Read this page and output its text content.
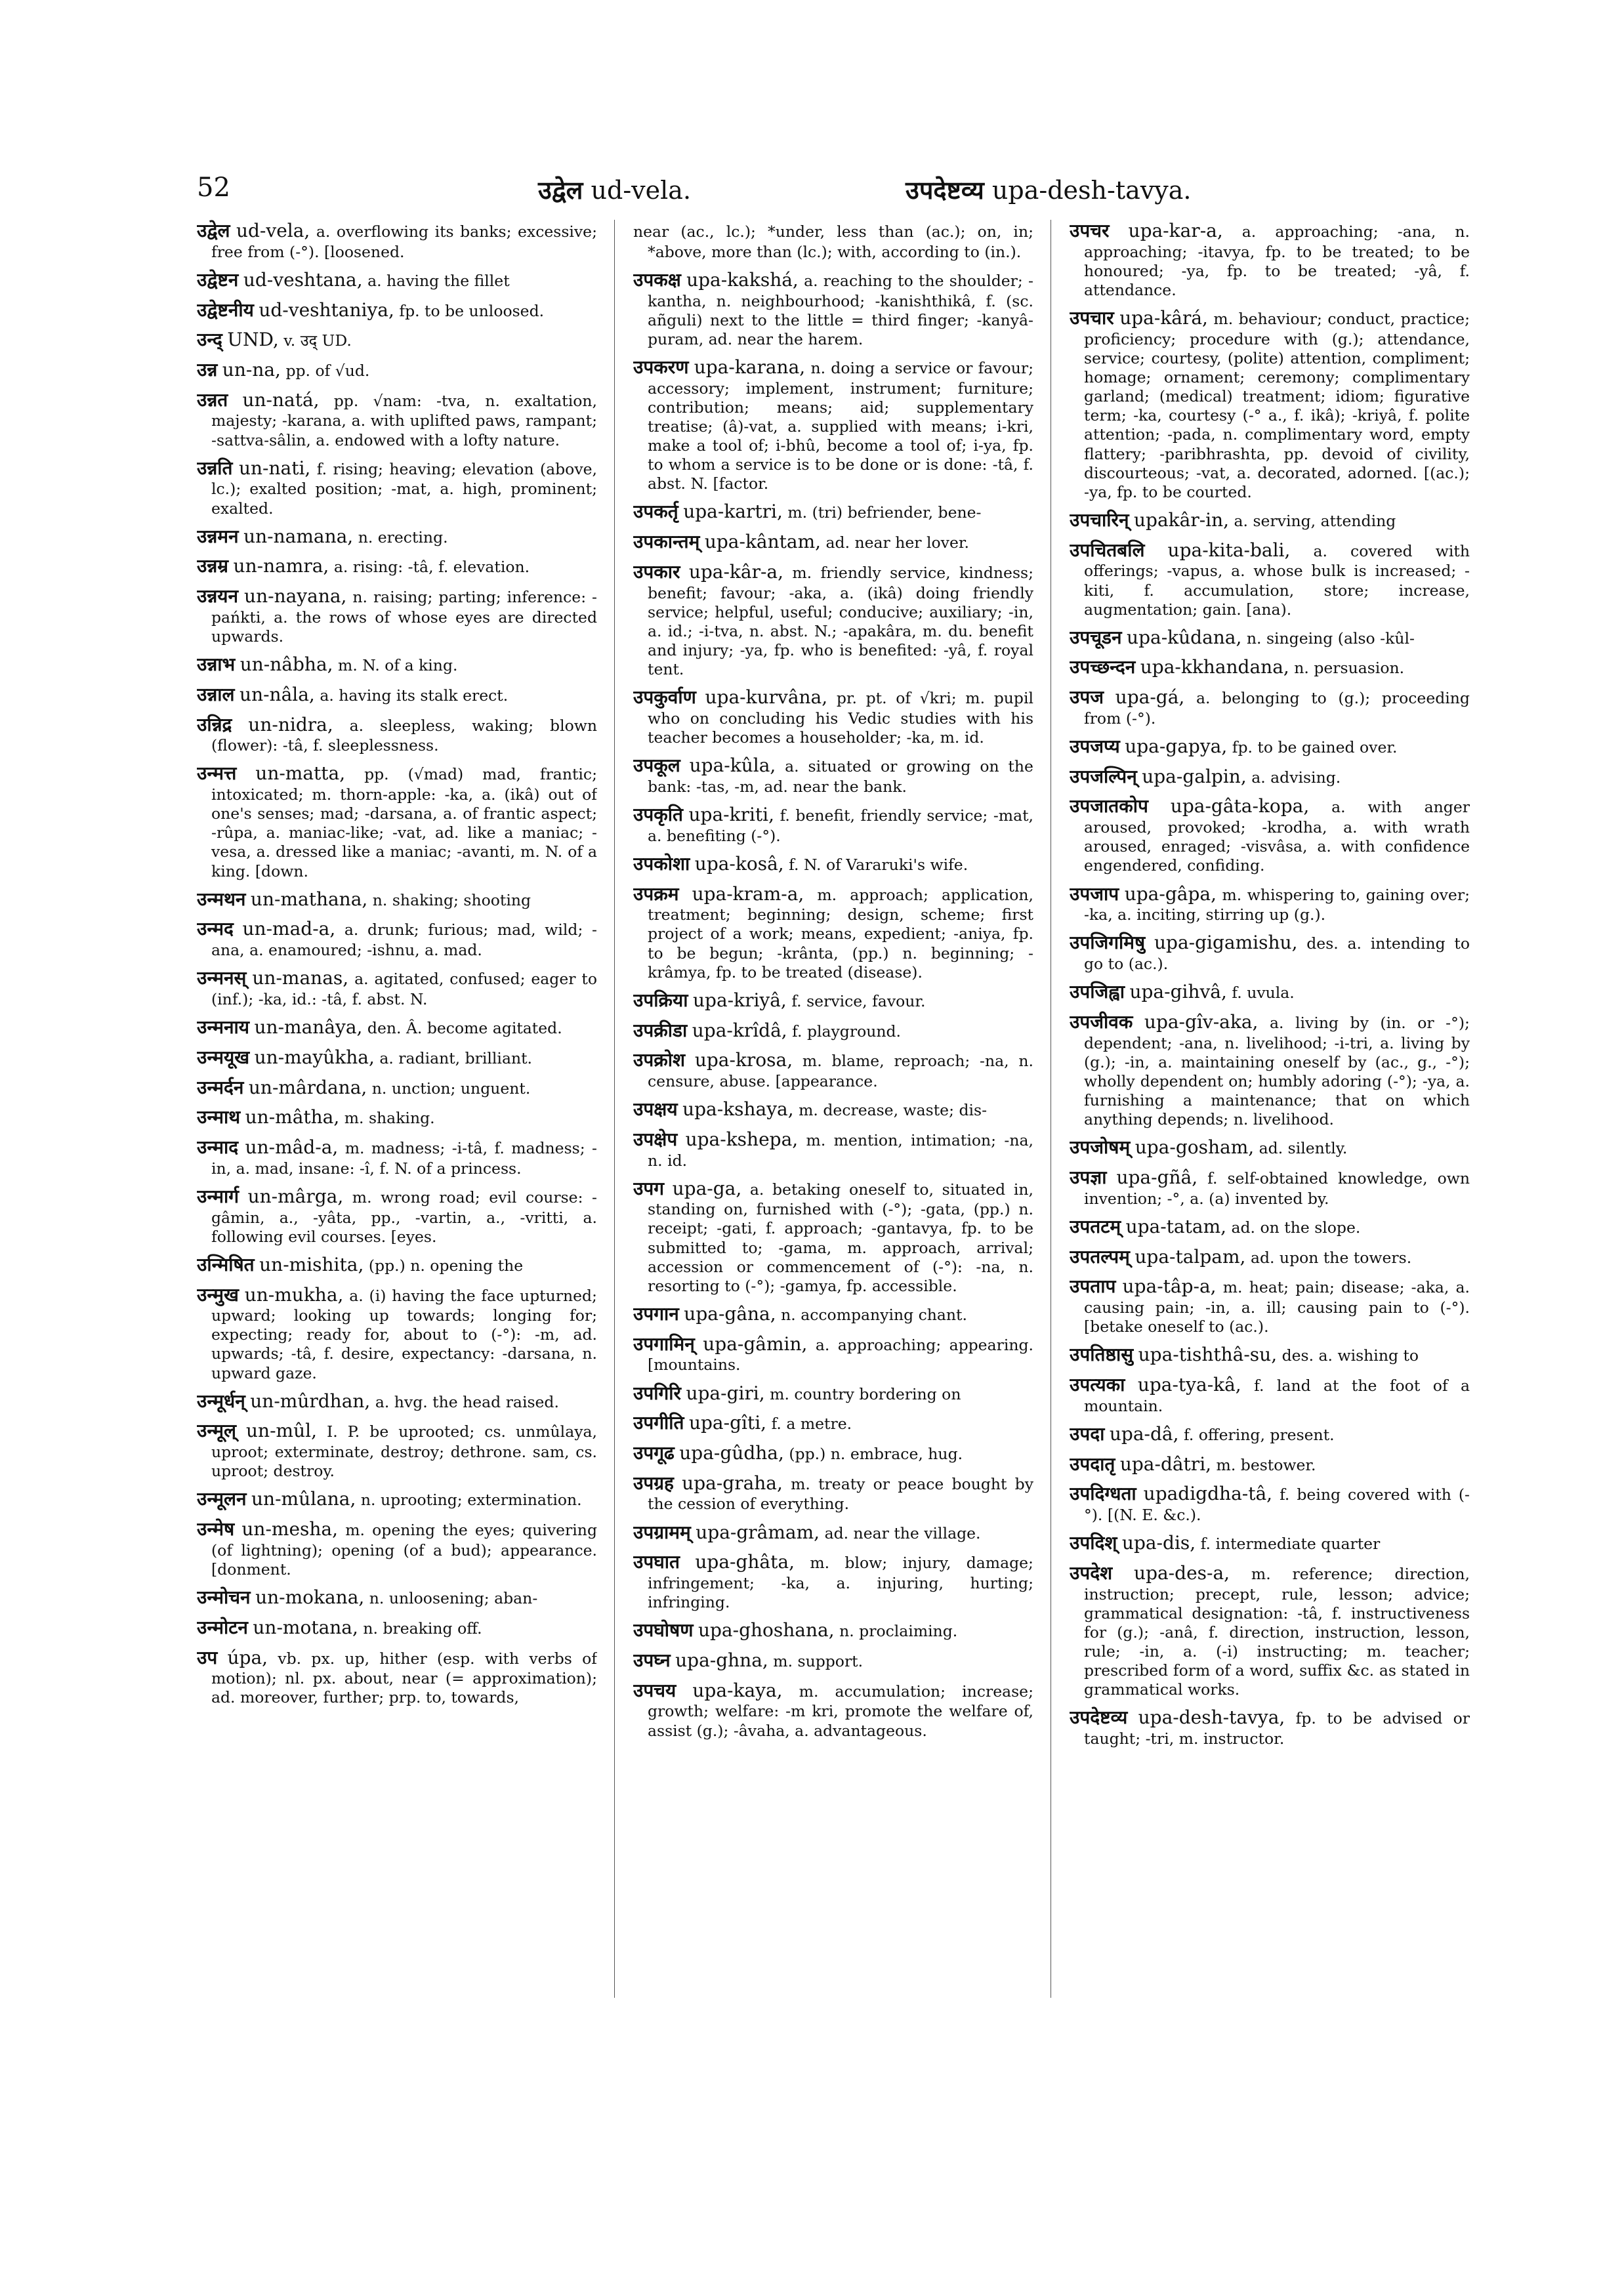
52	उद्वेल ud-vela.	उपदेष्टव्य upa-desh-tavya.

उद्वेल ud-vela, a. overflowing its banks; excessive; free from (-°). [loosened.

उद्वेष्टन ud-veshtana, a. having the fillet

उद्वेष्टनीय ud-veshtaniya, fp. to be unloosed.

उन्द् UND, v. उद् UD.

उन्न un-na, pp. of √ud.

उन्नत un-natá, pp. √nam: -tva, n. exaltation, majesty; -karana, a. with uplifted paws, rampant; -sattva-sâlin, a. endowed with a lofty nature.

उन्नति un-nati, f. rising; heaving; elevation (above, lc.); exalted position; -mat, a. high, prominent; exalted.

उन्नमन un-namana, n. erecting.

उन्नम्र un-namra, a. rising: -tâ, f. elevation.

उन्नयन un-nayana, n. raising; parting; inference: -pańkti, a. the rows of whose eyes are directed upwards.

उन्नाभ un-nâbha, m. N. of a king.

उन्नाल un-nâla, a. having its stalk erect.

उन्निद्र un-nidra, a. sleepless, waking; blown (flower): -tâ, f. sleeplessness.

उन्मत्त un-matta, pp. (√mad) mad, frantic; intoxicated; m. thorn-apple: -ka, a. (ikâ) out of one's senses; mad; -darsana, a. of frantic aspect; -rûpa, a. maniac-like; -vat, ad. like a maniac; -vesa, a. dressed like a maniac; -avanti, m. N. of a king. [down.

उन्मथन un-mathana, n. shaking; shooting

उन्मद un-mad-a, a. drunk; furious; mad, wild; -ana, a. enamoured; -ishnu, a. mad.

उन्मनस् un-manas, a. agitated, confused; eager to (inf.); -ka, id.: -tâ, f. abst. N.

उन्मनाय un-manâya, den. Â. become agitated.

उन्मयूख un-mayûkha, a. radiant, brilliant.

उन्मर्दन un-mârdana, n. unction; unguent.

उन्माथ un-mâtha, m. shaking.

उन्माद un-mâd-a, m. madness; -i-tâ, f. madness; -in, a. mad, insane: -î, f. N. of a princess.

उन्मार्ग un-mârga, m. wrong road; evil course: -gâmin, a., -yâta, pp., -vartin, a., -vritti, a. following evil courses. [eyes.

उन्मिषित un-mishita, (pp.) n. opening the

उन्मुख un-mukha, a. (i) having the face upturned; upward; looking up towards; longing for; expecting; ready for, about to (-°): -m, ad. upwards; -tâ, f. desire, expectancy: -darsana, n. upward gaze.

उन्मूर्धन् un-mûrdhan, a. hvg. the head raised.

उन्मूल् un-mûl, I. P. be uprooted; cs. unmûlaya, uproot; exterminate, destroy; dethrone. sam, cs. uproot; destroy.

उन्मूलन un-mûlana, n. uprooting; extermination.

उन्मेष un-mesha, m. opening the eyes; quivering (of lightning); opening (of a bud); appearance. [donment.

उन्मोचन un-mokana, n. unloosening; aban-

उन्मोटन un-motana, n. breaking off.

उप úpa, vb. px. up, hither (esp. with verbs of motion); nl. px. about, near (= approximation); ad. moreover, further; prp. to, towards,

near (ac., lc.); *under, less than (ac.); on, in; *above, more than (lc.); with, according to (in.).

उपकक्ष upa-kakshá, a. reaching to the shoulder; -kantha, n. neighbourhood; -kanishthikâ, f. (sc. añguli) next to the little = third finger; -kanyâ-puram, ad. near the harem.

उपकरण upa-karana, n. doing a service or favour; accessory; implement, instrument; furniture; contribution; means; aid; supplementary treatise; (â)-vat, a. supplied with means; i-kri, make a tool of; i-bhû, become a tool of; i-ya, fp. to whom a service is to be done or is done: -tâ, f. abst. N. [factor.

उपकर्तृ upa-kartri, m. (tri) befriender, bene-

उपकान्तम् upa-kântam, ad. near her lover.

उपकार upa-kâr-a, m. friendly service, kindness; benefit; favour; -aka, a. (ikâ) doing friendly service; helpful, useful; conducive; auxiliary; -in, a. id.; -i-tva, n. abst. N.; -apakâra, m. du. benefit and injury; -ya, fp. who is benefited: -yâ, f. royal tent.

उपकुर्वाण upa-kurvâna, pr. pt. of √kri; m. pupil who on concluding his Vedic studies with his teacher becomes a householder; -ka, m. id.

उपकूल upa-kûla, a. situated or growing on the bank: -tas, -m, ad. near the bank.

उपकृति upa-kriti, f. benefit, friendly service; -mat, a. benefiting (-°).

उपकोशा upa-kosâ, f. N. of Vararuki's wife.

उपक्रम upa-kram-a, m. approach; application, treatment; beginning; design, scheme; first project of a work; means, expedient; -aniya, fp. to be begun; -krânta, (pp.) n. beginning; -krâmya, fp. to be treated (disease).

उपक्रिया upa-kriyâ, f. service, favour.

उपक्रीडा upa-krîdâ, f. playground.

उपक्रोश upa-krosa, m. blame, reproach; -na, n. censure, abuse. [appearance.

उपक्षय upa-kshaya, m. decrease, waste; dis-

उपक्षेप upa-kshepa, m. mention, intimation; -na, n. id.

उपग upa-ga, a. betaking oneself to, situated in, standing on, furnished with (-°); -gata, (pp.) n. receipt; -gati, f. approach; -gantavya, fp. to be submitted to; -gama, m. approach, arrival; accession or commencement of (-°): -na, n. resorting to (-°); -gamya, fp. accessible.

उपगान upa-gâna, n. accompanying chant.

उपगामिन् upa-gâmin, a. approaching; appearing. [mountains.

उपगिरि upa-giri, m. country bordering on

उपगीति upa-gîti, f. a metre.

उपगूढ upa-gûdha, (pp.) n. embrace, hug.

उपग्रह upa-graha, m. treaty or peace bought by the cession of everything.

उपग्रामम् upa-grâmam, ad. near the village.

उपघात upa-ghâta, m. blow; injury, damage; infringement; -ka, a. injuring, hurting; infringing.

उपघोषण upa-ghoshana, n. proclaiming.

उपघ्न upa-ghna, m. support.

उपचय upa-kaya, m. accumulation; increase; growth; welfare: -m kri, promote the welfare of, assist (g.); -âvaha, a. advantageous.

उपचर upa-kar-a, a. approaching; -ana, n. approaching; -itavya, fp. to be treated; to be honoured; -ya, fp. to be treated; -yâ, f. attendance.

उपचार upa-kârá, m. behaviour; conduct, practice; proficiency; procedure with (g.); attendance, service; courtesy, (polite) attention, compliment; homage; ornament; ceremony; complimentary garland; (medical) treatment; idiom; figurative term; -ka, courtesy (-° a., f. ikâ); -kriyâ, f. polite attention; -pada, n. complimentary word, empty flattery; -paribhrashta, pp. devoid of civility, discourteous; -vat, a. decorated, adorned. [(ac.); -ya, fp. to be courted.

उपचारिन् upakâr-in, a. serving, attending

उपचितबलि upa-kita-bali, a. covered with offerings; -vapus, a. whose bulk is increased; -kiti, f. accumulation, store; increase, augmentation; gain. [ana).

उपचूडन upa-kûdana, n. singeing (also -kûl-

उपच्छन्दन upa-kkhandana, n. persuasion.

उपज upa-gá, a. belonging to (g.); proceeding from (-°).

उपजप्य upa-gapya, fp. to be gained over.

उपजल्पिन् upa-galpin, a. advising.

उपजातकोप upa-gâta-kopa, a. with anger aroused, provoked; -krodha, a. with wrath aroused, enraged; -visvâsa, a. with confidence engendered, confiding.

उपजाप upa-gâpa, m. whispering to, gaining over; -ka, a. inciting, stirring up (g.).

उपजिगमिषु upa-gigamishu, des. a. intending to go to (ac.).

उपजिह्वा upa-gihvâ, f. uvula.

उपजीवक upa-gîv-aka, a. living by (in. or -°); dependent; -ana, n. livelihood; -i-tri, a. living by (g.); -in, a. maintaining oneself by (ac., g., -°); wholly dependent on; humbly adoring (-°); -ya, a. furnishing a maintenance; that on which anything depends; n. livelihood.

उपजोषम् upa-gosham, ad. silently.

उपज्ञा upa-gñâ, f. self-obtained knowledge, own invention; -°, a. (a) invented by.

उपतटम् upa-tatam, ad. on the slope.

उपतल्पम् upa-talpam, ad. upon the towers.

उपताप upa-tâp-a, m. heat; pain; disease; -aka, a. causing pain; -in, a. ill; causing pain to (-°). [betake oneself to (ac.).

उपतिष्ठासु upa-tishthâ-su, des. a. wishing to

उपत्यका upa-tya-kâ, f. land at the foot of a mountain.

उपदा upa-dâ, f. offering, present.

उपदातृ upa-dâtri, m. bestower.

उपदिग्धता upadigdha-tâ, f. being covered with (-°). [(N. E. &c.).

उपदिश् upa-dis, f. intermediate quarter

उपदेश upa-des-a, m. reference; direction, instruction; precept, rule, lesson; advice; grammatical designation: -tâ, f. instructiveness for (g.); -anâ, f. direction, instruction, lesson, rule; -in, a. (-i) instructing; m. teacher; prescribed form of a word, suffix &c. as stated in grammatical works.

उपदेष्टव्य upa-desh-tavya, fp. to be advised or taught; -tri, m. instructor.
